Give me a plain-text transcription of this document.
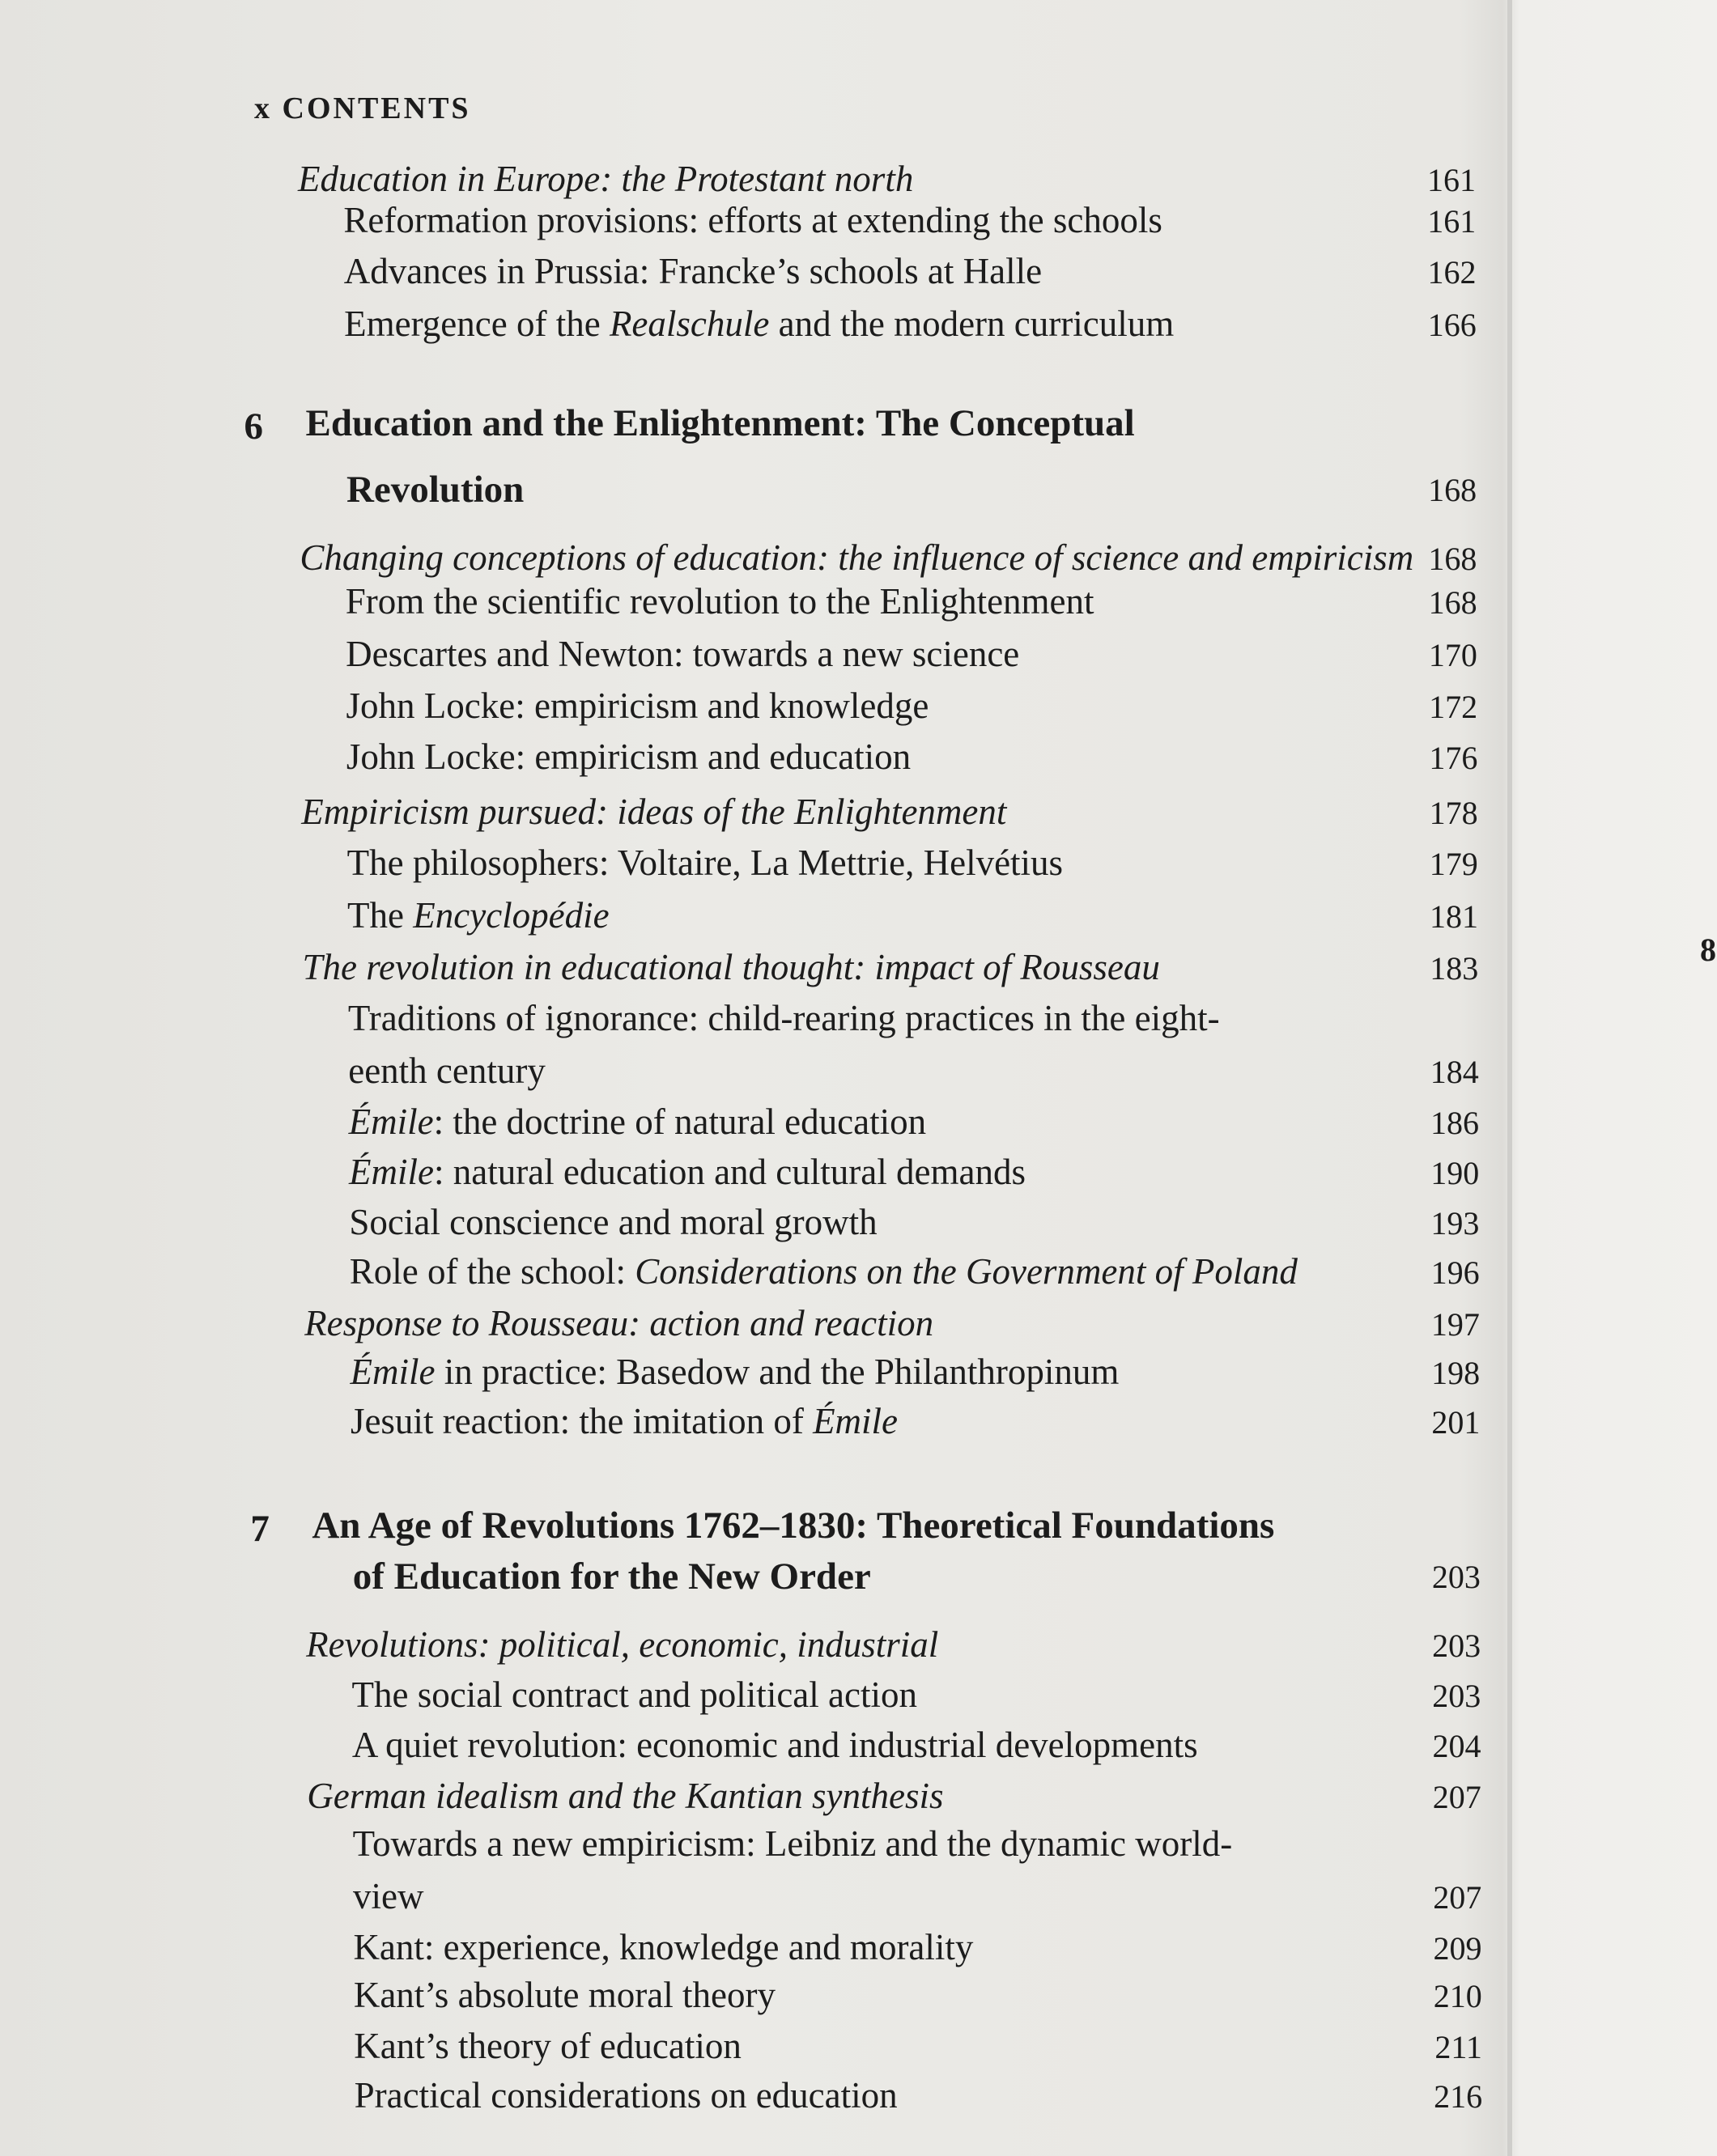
x CONTENTS
8
Education in Europe: the Protestant north	161
Reformation provisions: efforts at extending the schools	161
Advances in Prussia: Francke’s schools at Halle	162
Emergence of the Realschule and the modern curriculum	166
Education and the Enlightenment: The Conceptual
6
Revolution	168
Changing conceptions of education: the influence of science and empiricism 168
From the scientific revolution to the Enlightenment	168
Descartes and Newton: towards a new science	170
John Locke: empiricism and knowledge	172
John Locke: empiricism and education	176
Empiricism pursued: ideas of the Enlightenment	178
The philosophers: Voltaire, La Mettrie, Helvétius	179
The Encyclopédie	181
The revolution in educational thought: impact of Rousseau	183
Traditions of ignorance: child-rearing practices in the eight-
eenth century	184
Émile: the doctrine of natural education	186
Émile: natural education and cultural demands	190
Social conscience and moral growth	193
Role of the school: Considerations on the Government of Poland	196
Response to Rousseau: action and reaction	197
Émile in practice: Basedow and the Philanthropinum	198
Jesuit reaction: the imitation of Émile	201
An Age of Revolutions 1762–1830: Theoretical Foundations
7
of Education for the New Order	203
Revolutions: political, economic, industrial	203
The social contract and political action	203
A quiet revolution: economic and industrial developments	204
German idealism and the Kantian synthesis	207
Towards a new empiricism: Leibniz and the dynamic world-
view	207
Kant: experience, knowledge and morality	209
Kant’s absolute moral theory	210
Kant’s theory of education	211
Practical considerations on education	216
